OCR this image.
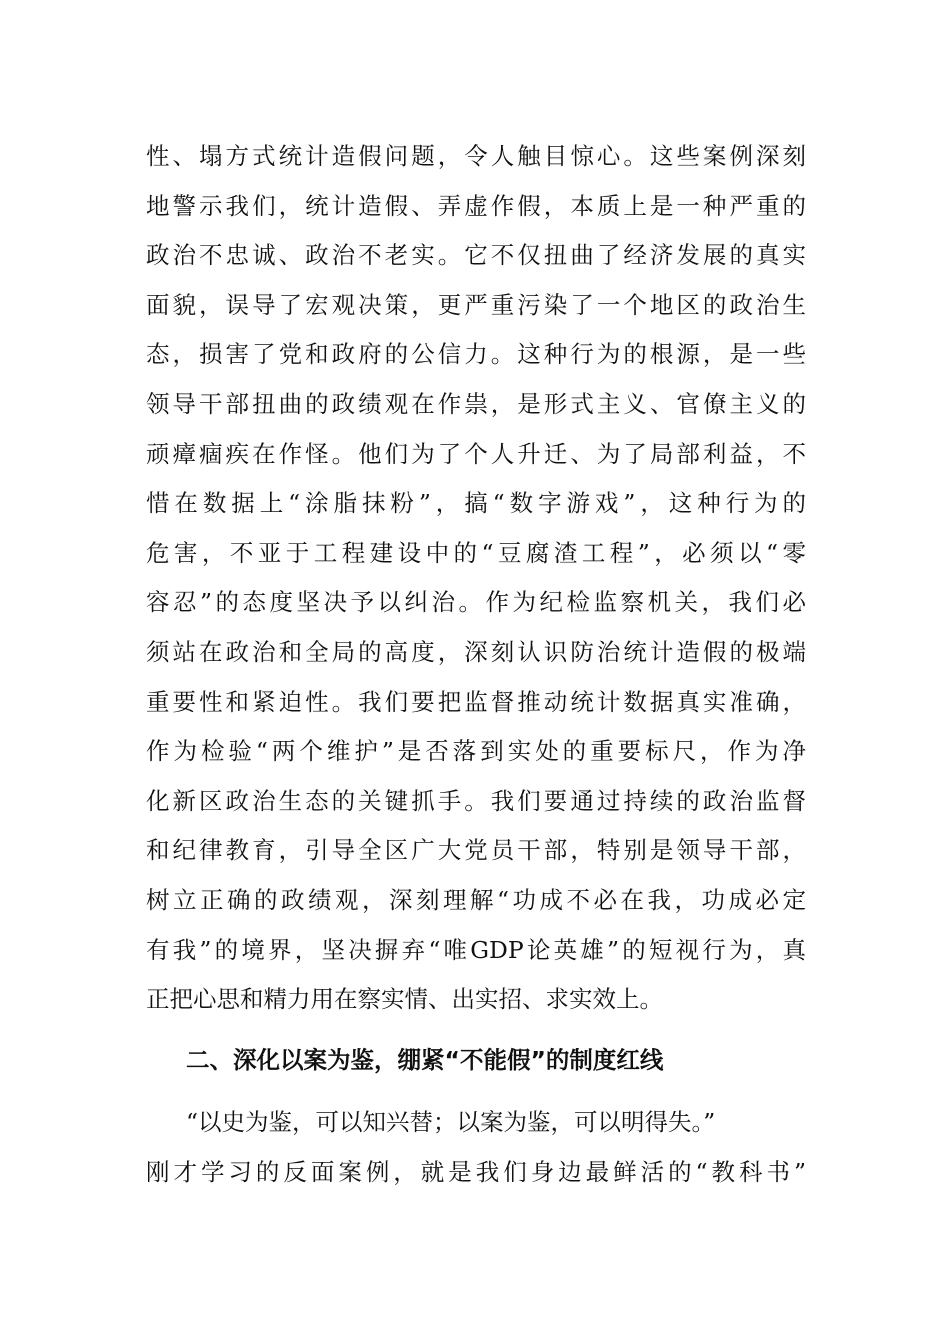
性、塌方式统计造假问题，令人触目惊心。这些案例深刻
地警示我们，统计造假、弄虚作假，本质上是一种严重的
政治不忠诚、政治不老实。它不仅扭曲了经济发展的真实
面貌，误导了宏观决策，更严重污染了一个地区的政治生
态，损害了党和政府的公信力。这种行为的根源，是一些
领导干部扭曲的政绩观在作祟，是形式主义、官僚主义的
顽瘴痼疾在作怪。他们为了个人升迁、为了局部利益，不
惜在数据上“涂脂抹粉”，搞“数字游戏”，这种行为的
危害，不亚于工程建设中的“豆腐渣工程”，必须以“零
容忍”的态度坚决予以纠治。作为纪检监察机关，我们必
须站在政治和全局的高度，深刻认识防治统计造假的极端
重要性和紧迫性。我们要把监督推动统计数据真实准确，
作为检验“两个维护”是否落到实处的重要标尺，作为净
化新区政治生态的关键抓手。我们要通过持续的政治监督
和纪律教育，引导全区广大党员干部，特别是领导干部，
树立正确的政绩观，深刻理解“功成不必在我，功成必定
有我”的境界，坚决摒弃“唯GDP论英雄”的短视行为，真
正把心思和精力用在察实情、出实招、求实效上。
二、深化以案为鉴，绷紧“不能假”的制度红线
“以史为鉴，可以知兴替；以案为鉴，可以明得失。”
刚才学习的反面案例，就是我们身边最鲜活的“教科书”
